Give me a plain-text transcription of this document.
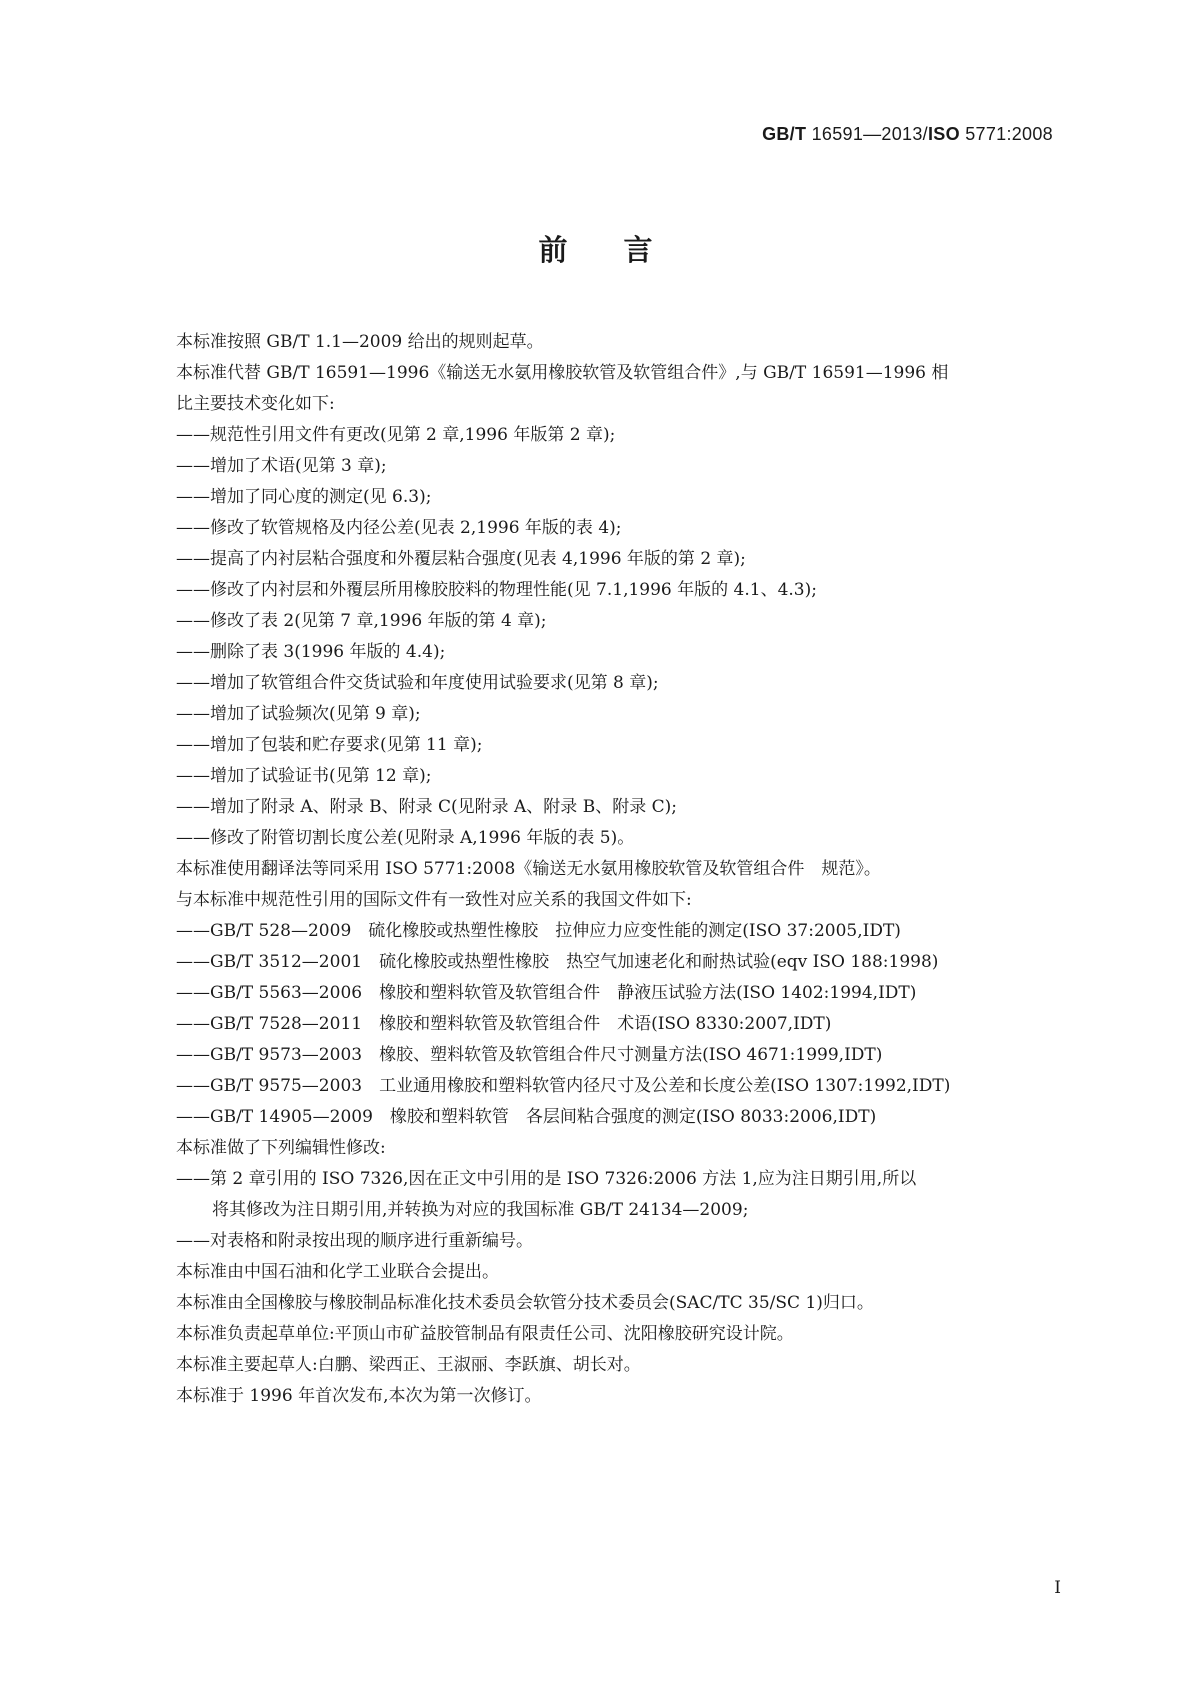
GB/T 16591—2013/ISO 5771:2008
前言
本标准按照 GB/T 1.1—2009 给出的规则起草。
本标准代替 GB/T 16591—1996《输送无水氨用橡胶软管及软管组合件》,与 GB/T 16591—1996 相
比主要技术变化如下:
——规范性引用文件有更改(见第 2 章,1996 年版第 2 章);
——增加了术语(见第 3 章);
——增加了同心度的测定(见 6.3);
——修改了软管规格及内径公差(见表 2,1996 年版的表 4);
——提高了内衬层粘合强度和外覆层粘合强度(见表 4,1996 年版的第 2 章);
——修改了内衬层和外覆层所用橡胶胶料的物理性能(见 7.1,1996 年版的 4.1、4.3);
——修改了表 2(见第 7 章,1996 年版的第 4 章);
——删除了表 3(1996 年版的 4.4);
——增加了软管组合件交货试验和年度使用试验要求(见第 8 章);
——增加了试验频次(见第 9 章);
——增加了包装和贮存要求(见第 11 章);
——增加了试验证书(见第 12 章);
——增加了附录 A、附录 B、附录 C(见附录 A、附录 B、附录 C);
——修改了附管切割长度公差(见附录 A,1996 年版的表 5)。
本标准使用翻译法等同采用 ISO 5771:2008《输送无水氨用橡胶软管及软管组合件　规范》。
与本标准中规范性引用的国际文件有一致性对应关系的我国文件如下:
——GB/T 528—2009　硫化橡胶或热塑性橡胶　拉伸应力应变性能的测定(ISO 37:2005,IDT)
——GB/T 3512—2001　硫化橡胶或热塑性橡胶　热空气加速老化和耐热试验(eqv ISO 188:1998)
——GB/T 5563—2006　橡胶和塑料软管及软管组合件　静液压试验方法(ISO 1402:1994,IDT)
——GB/T 7528—2011　橡胶和塑料软管及软管组合件　术语(ISO 8330:2007,IDT)
——GB/T 9573—2003　橡胶、塑料软管及软管组合件尺寸测量方法(ISO 4671:1999,IDT)
——GB/T 9575—2003　工业通用橡胶和塑料软管内径尺寸及公差和长度公差(ISO 1307:1992,IDT)
——GB/T 14905—2009　橡胶和塑料软管　各层间粘合强度的测定(ISO 8033:2006,IDT)
本标准做了下列编辑性修改:
——第 2 章引用的 ISO 7326,因在正文中引用的是 ISO 7326:2006 方法 1,应为注日期引用,所以
将其修改为注日期引用,并转换为对应的我国标准 GB/T 24134—2009;
——对表格和附录按出现的顺序进行重新编号。
本标准由中国石油和化学工业联合会提出。
本标准由全国橡胶与橡胶制品标准化技术委员会软管分技术委员会(SAC/TC 35/SC 1)归口。
本标准负责起草单位:平顶山市矿益胶管制品有限责任公司、沈阳橡胶研究设计院。
本标准主要起草人:白鹏、梁西正、王淑丽、李跃旗、胡长对。
本标准于 1996 年首次发布,本次为第一次修订。
I
